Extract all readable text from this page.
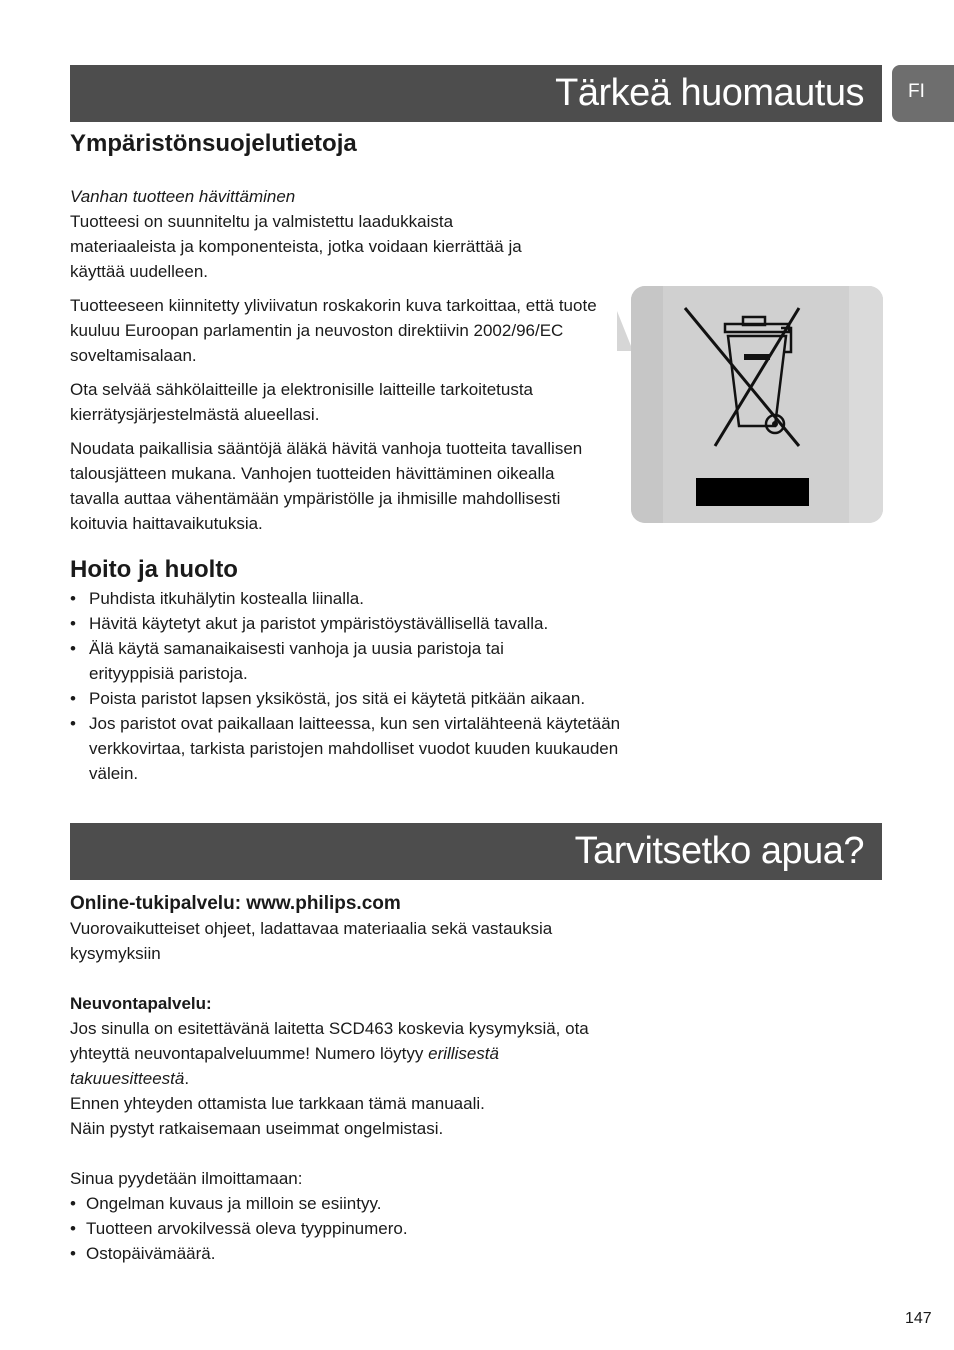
Tärkeä huomautus	FI
Ympäristönsuojelutietoja

Vanhan tuotteen hävittäminen

Tuotteesi on suunniteltu ja valmistettu laadukkaista materiaaleista ja komponenteista, jotka voidaan kierrättää ja käyttää uudelleen.

Tuotteeseen kiinnitetty yliviivatun roskakorin kuva tarkoittaa, että tuote kuuluu Euroopan parlamentin ja neuvoston direktiivin 2002/96/EC soveltamisalaan.

Ota selvää sähkölaitteille ja elektronisille laitteille tarkoitetusta kierrätysjärjestelmästä alueellasi.

Noudata paikallisia sääntöjä äläkä hävitä vanhoja tuotteita tavallisen talousjätteen mukana. Vanhojen tuotteiden hävittäminen oikealla tavalla auttaa vähentämään ympäristölle ja ihmisille mahdollisesti koituvia haittavaikutuksia.

Hoito ja huolto
• Puhdista itkuhälytin kostealla liinalla.
• Hävitä käytetyt akut ja paristot ympäristöystävällisellä tavalla.
• Älä käytä samanaikaisesti vanhoja ja uusia paristoja tai erityyppisiä paristoja.
• Poista paristot lapsen yksiköstä, jos sitä ei käytetä pitkään aikaan.
• Jos paristot ovat paikallaan laitteessa, kun sen virtalähteenä käytetään verkkovirtaa, tarkista paristojen mahdolliset vuodot kuuden kuukauden välein.
Tarvitsetko apua?

Online-tukipalvelu: www.philips.com

Vuorovaikutteiset ohjeet, ladattavaa materiaalia sekä vastauksia kysymyksiin

Neuvontapalvelu:

Jos sinulla on esitettävänä laitetta SCD463 koskevia kysymyksiä, ota yhteyttä neuvontapalveluumme! Numero löytyy erillisestä takuuesitteestä.

Ennen yhteyden ottamista lue tarkkaan tämä manuaali.

Näin pystyt ratkaisemaan useimmat ongelmistasi.

Sinua pyydetään ilmoittamaan:

• Ongelman kuvaus ja milloin se esiintyy.
• Tuotteen arvokilvessä oleva tyyppinumero.
• Ostopäivämäärä.
147
